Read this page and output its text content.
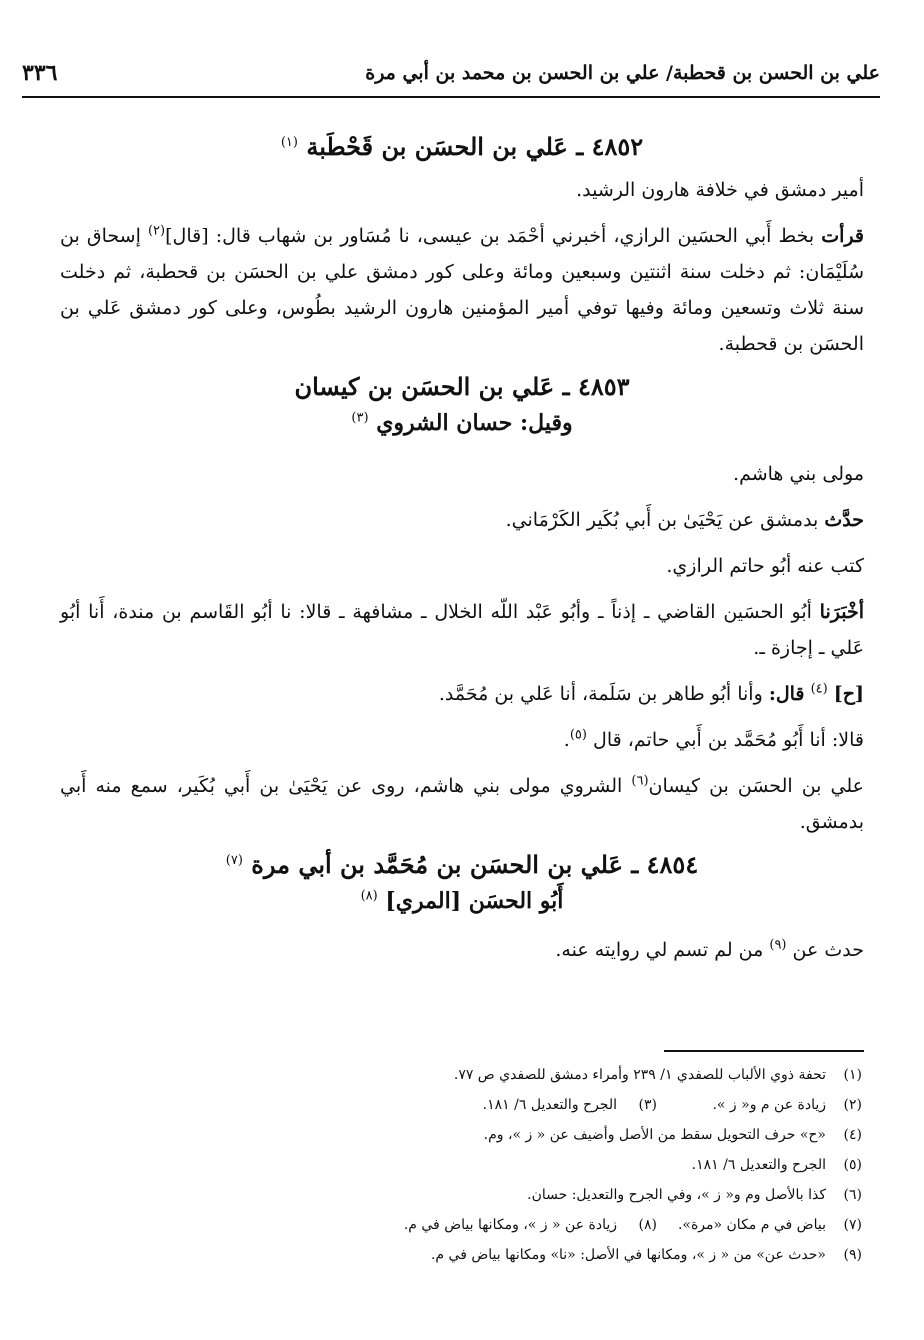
علي بن الحسن بن قحطبة/ علي بن الحسن بن محمد بن أبي مرة
٣٣٦
٤٨٥٢ ـ عَلي بن الحسَن بن قَحْطَبة $^{(١)}$

أمير دمشق في خلافة هارون الرشيد.

قرأت بخط أَبي الحسَين الرازي، أخبرني أحْمَد بن عيسى، نا مُسَاور بن شهاب قال: [قال]$^{(٢)}$ إسحاق بن سُلَيْمَان: ثم دخلت سنة اثنتين وسبعين ومائة وعلى كور دمشق علي بن الحسَن بن قحطبة، ثم دخلت سنة ثلاث وتسعين ومائة وفيها توفي أمير المؤمنين هارون الرشيد بطُوس، وعلى كور دمشق عَلي بن الحسَن بن قحطبة.

٤٨٥٣ ـ عَلي بن الحسَن بن كيسان
وقيل: حسان الشروي $^{(٣)}$

مولى بني هاشم.

حدَّث بدمشق عن يَحْيَىٰ بن أَبي بُكَير الكَرْمَاني.

كتب عنه أبُو حاتم الرازي.

أخْبَرَنا أبُو الحسَين القاضي ـ إذناً ـ وأبُو عَبْد اللّه الخلال ـ مشافهة ـ قالا: نا أبُو القَاسم بن مندة، أَنا أبُو عَلي ـ إجازة ـ.

[ح] $^{(٤)}$ قال: وأنا أبُو طاهر بن سَلَمة، أنا عَلي بن مُحَمَّد.

قالا: أنا أَبُو مُحَمَّد بن أَبي حاتم، قال $^{(٥)}$.

علي بن الحسَن بن كيسان$^{(٦)}$ الشروي مولى بني هاشم، روى عن يَحْيَىٰ بن أَبي بُكَير، سمع منه أَبي بدمشق.

٤٨٥٤ ـ عَلي بن الحسَن بن مُحَمَّد بن أبي مرة $^{(٧)}$
أَبُو الحسَن [المري] $^{(٨)}$

حدث عن $^{(٩)}$ من لم تسم لي روايته عنه.

(١)تحفة ذوي الألباب للصفدي ١/ ٢٣٩ وأمراء دمشق للصفدي ص ٧٧.
(٢)زيادة عن م و« ز ».
(٣)الجرح والتعديل ٦/ ١٨١.
(٤)«ح» حرف التحويل سقط من الأصل وأضيف عن « ز »، وم.
(٥)الجرح والتعديل ٦/ ١٨١.
(٦)كذا بالأصل وم و« ز »، وفي الجرح والتعديل: حسان.
(٧)بياض في م مكان «مرة».
(٨)زيادة عن « ز »، ومكانها بياض في م.
(٩)«حدث عن» من « ز »، ومكانها في الأصل: «نا» ومكانها بياض في م.
